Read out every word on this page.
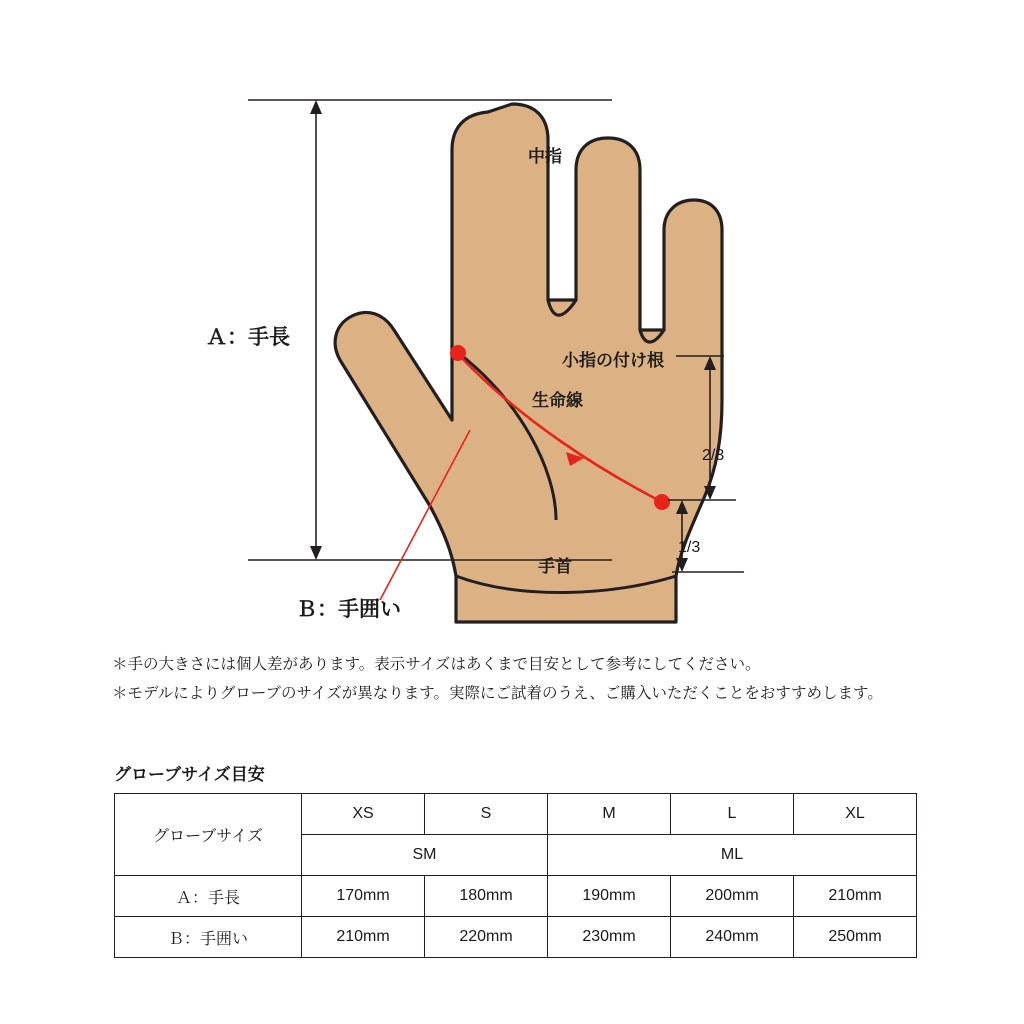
Ａ：手長
Ｂ：手囲い
2/3
1/3
中指
小指の付け根
生命線
手首
＊手の大きさには個人差があります。表示サイズはあくまで目安として参考にしてください。
＊モデルによりグローブのサイズが異なります。実際にご試着のうえ、ご購入いただくことをおすすめします。
グローブサイズ目安
グローブサイズ	XS	S	M	L	XL
	SM		ML		
Ａ：手長	170mm	180mm	190mm	200mm	210mm
Ｂ：手囲い	210mm	220mm	230mm	240mm	250mm
